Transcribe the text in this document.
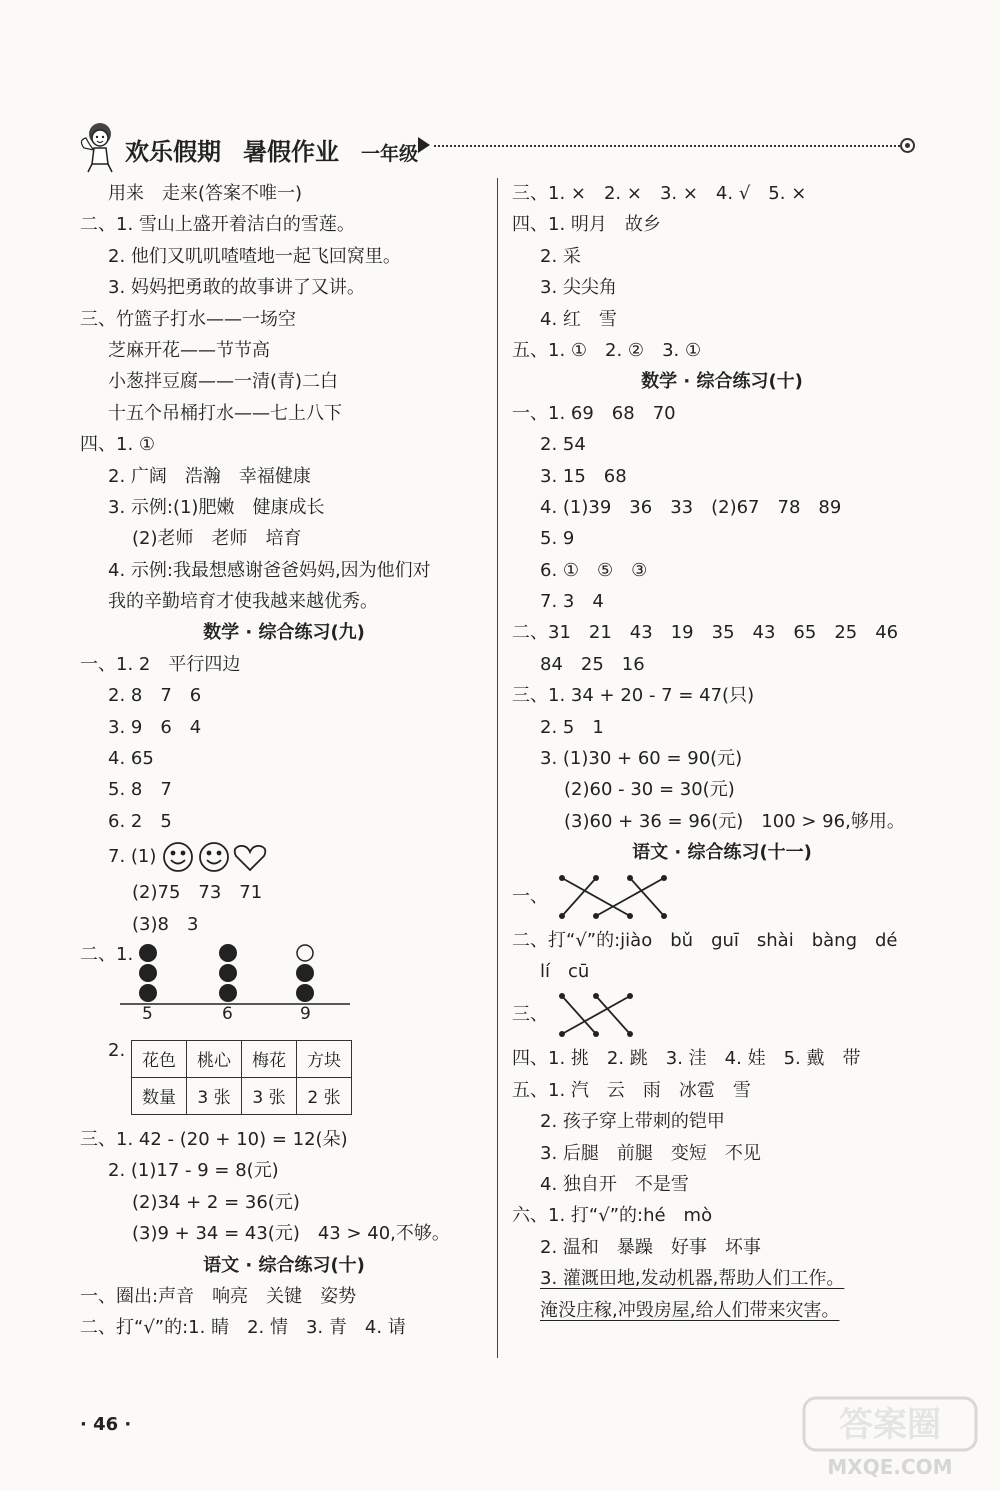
欢乐假期 暑假作业 一年级
用来　走来(答案不唯一)
二、1. 雪山上盛开着洁白的雪莲。
2. 他们又叽叽喳喳地一起飞回窝里。
3. 妈妈把勇敢的故事讲了又讲。
三、竹篮子打水——一场空
芝麻开花——节节高
小葱拌豆腐——一清(青)二白
十五个吊桶打水——七上八下
四、1. ①
2. 广阔　浩瀚　幸福健康
3. 示例:(1)肥嫩　健康成长
(2)老师　老师　培育
4. 示例:我最想感谢爸爸妈妈,因为他们对
我的辛勤培育才使我越来越优秀。
数学 · 综合练习(九)
一、1. 2　平行四边
2. 8　7　6
3. 9　6　4
4. 65
5. 8　7
6. 2　5
7. (1)
(2)75　73　71
(3)8　3
二、1.
5	6	9
2.
花色	桃心	梅花	方块
数量	3 张	3 张	2 张
三、1. 42 - (20 + 10) = 12(朵)
2. (1)17 - 9 = 8(元)
(2)34 + 2 = 36(元)
(3)9 + 34 = 43(元)　43 > 40,不够。
语文 · 综合练习(十)
一、圈出:声音　响亮　关键　姿势
二、打“√”的:1. 睛　2. 情　3. 青　4. 请
三、1. ×　2. ×　3. ×　4. √　5. ×
四、1. 明月　故乡
2. 采
3. 尖尖角
4. 红　雪
五、1. ①　2. ②　3. ①
数学 · 综合练习(十)
一、1. 69　68　70
2. 54
3. 15　68
4. (1)39　36　33　(2)67　78　89
5. 9
6. ①　⑤　③
7. 3　4
二、31　21　43　19　35　43　65　25　46
84　25　16
三、1. 34 + 20 - 7 = 47(只)
2. 5　1
3. (1)30 + 60 = 90(元)
(2)60 - 30 = 30(元)
(3)60 + 36 = 96(元)　100 > 96,够用。
语文 · 综合练习(十一)
一、
二、打“√”的:jiào　bǔ　guī　shài　bàng　dé
lí　cū
三、
四、1. 挑　2. 跳　3. 洼　4. 娃　5. 戴　带
五、1. 汽　云　雨　冰雹　雪
2. 孩子穿上带刺的铠甲
3. 后腿　前腿　变短　不见
4. 独自开　不是雪
六、1. 打“√”的:hé　mò
2. 温和　暴躁　好事　坏事
3. 灌溉田地,发动机器,帮助人们工作。
淹没庄稼,冲毁房屋,给人们带来灾害。
· 46 ·	答案圈
MXQE.COM
